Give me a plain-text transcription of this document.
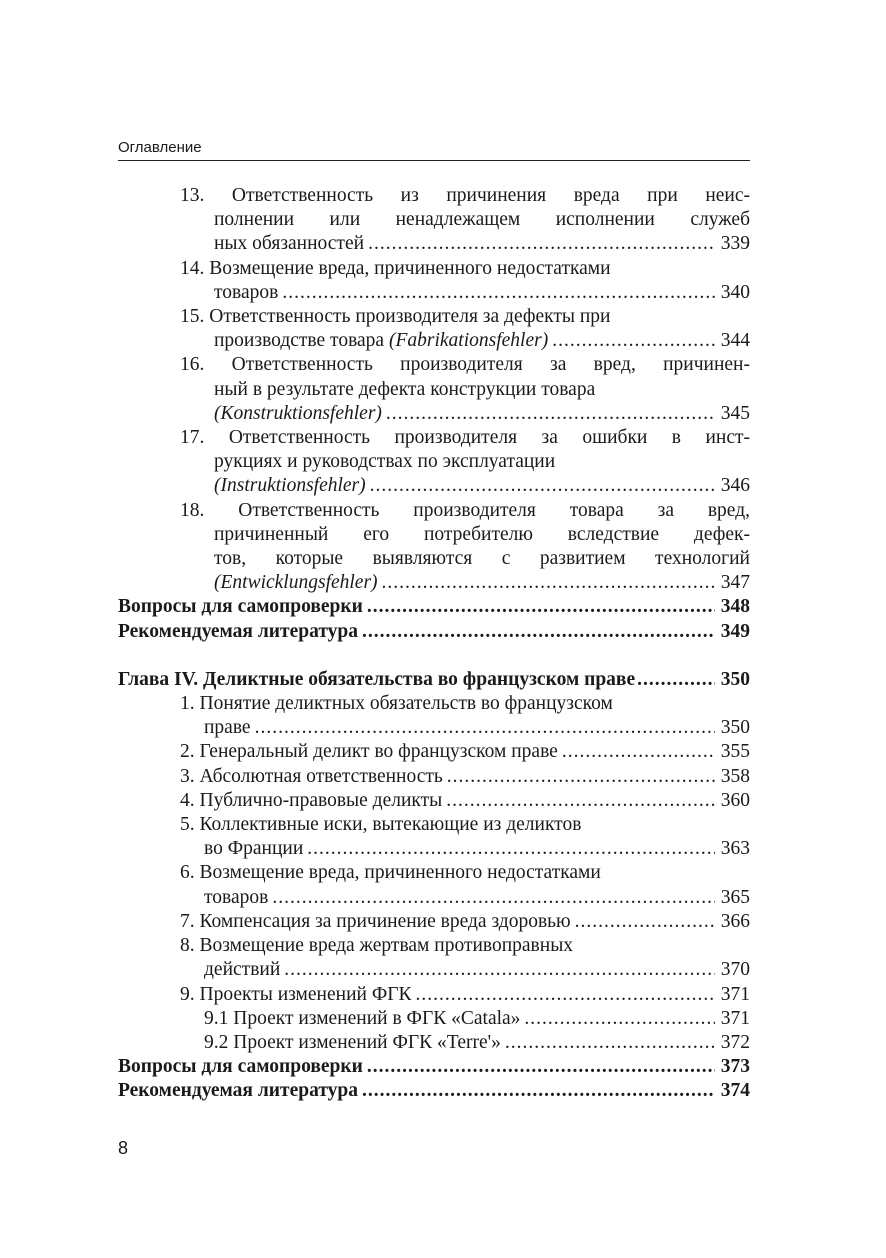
Оглавление
13. Ответственность из причинения вреда при неис-
полнении или ненадлежащем исполнении служеб
ных обязанностей .....	339
14. Возмещение вреда, причиненного недостатками
товаров .....	340
15. Ответственность производителя за дефекты при
производстве товара (Fabrikationsfehler) .....	344
16. Ответственность производителя за вред, причинен-
ный в результате дефекта конструкции товара
(Konstruktionsfehler) .....	345
17. Ответственность производителя за ошибки в инст-
рукциях и руководствах по эксплуатации
(Instruktionsfehler) .....	346
18. Ответственность производителя товара за вред,
причиненный его потребителю вследствие дефек-
тов, которые выявляются с развитием технологий
(Entwicklungsfehler) .....	347
Вопросы для самопроверки .....	348
Рекомендуемая литература .....	349
Глава IV. Деликтные обязательства во французском праве .....	350
1. Понятие деликтных обязательств во французском
праве .....	350
2. Генеральный деликт во французском праве .....	355
3. Абсолютная ответственность .....	358
4. Публично-правовые деликты .....	360
5. Коллективные иски, вытекающие из деликтов
во Франции .....	363
6. Возмещение вреда, причиненного недостатками
товаров .....	365
7. Компенсация за причинение вреда здоровью .....	366
8. Возмещение вреда жертвам противоправных
действий .....	370
9. Проекты изменений ФГК .....	371
9.1 Проект изменений в ФГК «Catala» .....	371
9.2 Проект изменений ФГК «Terre'» .....	372
Вопросы для самопроверки .....	373
Рекомендуемая литература .....	374
8
